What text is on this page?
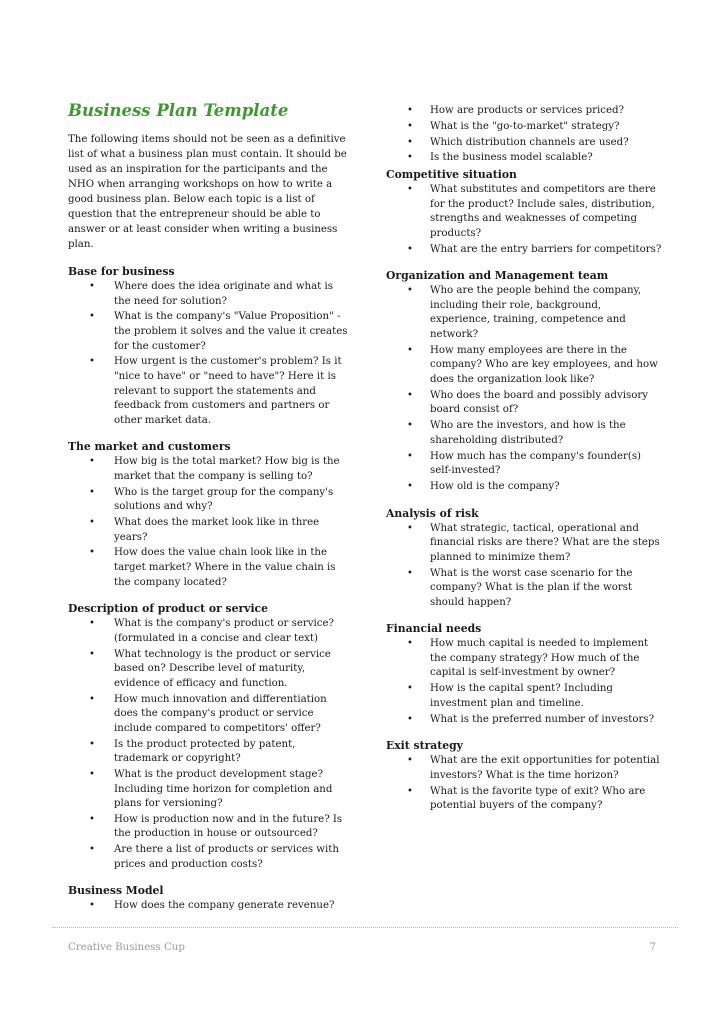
Business Plan Template

The following items should not be seen as a definitive list of what a business plan must contain. It should be used as an inspiration for the participants and the NHO when arranging workshops on how to write a good business plan. Below each topic is a list of question that the entrepreneur should be able to answer or at least consider when writing a business plan.

Base for business
• Where does the idea originate and what is the need for solution?
• What is the company's "Value Proposition" - the problem it solves and the value it creates for the customer?
• How urgent is the customer's problem? Is it "nice to have" or "need to have"? Here it is relevant to support the statements and feedback from customers and partners or other market data.
The market and customers
• How big is the total market? How big is the market that the company is selling to?
• Who is the target group for the company's solutions and why?
• What does the market look like in three years?
• How does the value chain look like in the target market? Where in the value chain is the company located?
Description of product or service
• What is the company's product or service? (formulated in a concise and clear text)
• What technology is the product or service based on? Describe level of maturity, evidence of efficacy and function.
• How much innovation and differentiation does the company's product or service include compared to competitors' offer?
• Is the product protected by patent, trademark or copyright?
• What is the product development stage? Including time horizon for completion and plans for versioning?
• How is production now and in the future? Is the production in house or outsourced?
• Are there a list of products or services with prices and production costs?
Business Model
• How does the company generate revenue?
• How are products or services priced?
• What is the "go-to-market" strategy?
• Which distribution channels are used?
• Is the business model scalable?
Competitive situation
• What substitutes and competitors are there for the product? Include sales, distribution, strengths and weaknesses of competing products?
• What are the entry barriers for competitors?
Organization and Management team
• Who are the people behind the company, including their role, background, experience, training, competence and network?
• How many employees are there in the company? Who are key employees, and how does the organization look like?
• Who does the board and possibly advisory board consist of?
• Who are the investors, and how is the shareholding distributed?
• How much has the company's founder(s) self-invested?
• How old is the company?
Analysis of risk
• What strategic, tactical, operational and financial risks are there? What are the steps planned to minimize them?
• What is the worst case scenario for the company? What is the plan if the worst should happen?
Financial needs
• How much capital is needed to implement the company strategy? How much of the capital is self-investment by owner?
• How is the capital spent? Including investment plan and timeline.
• What is the preferred number of investors?
Exit strategy
• What are the exit opportunities for potential investors? What is the time horizon?
• What is the favorite type of exit? Who are potential buyers of the company?
Creative Business Cup	7
